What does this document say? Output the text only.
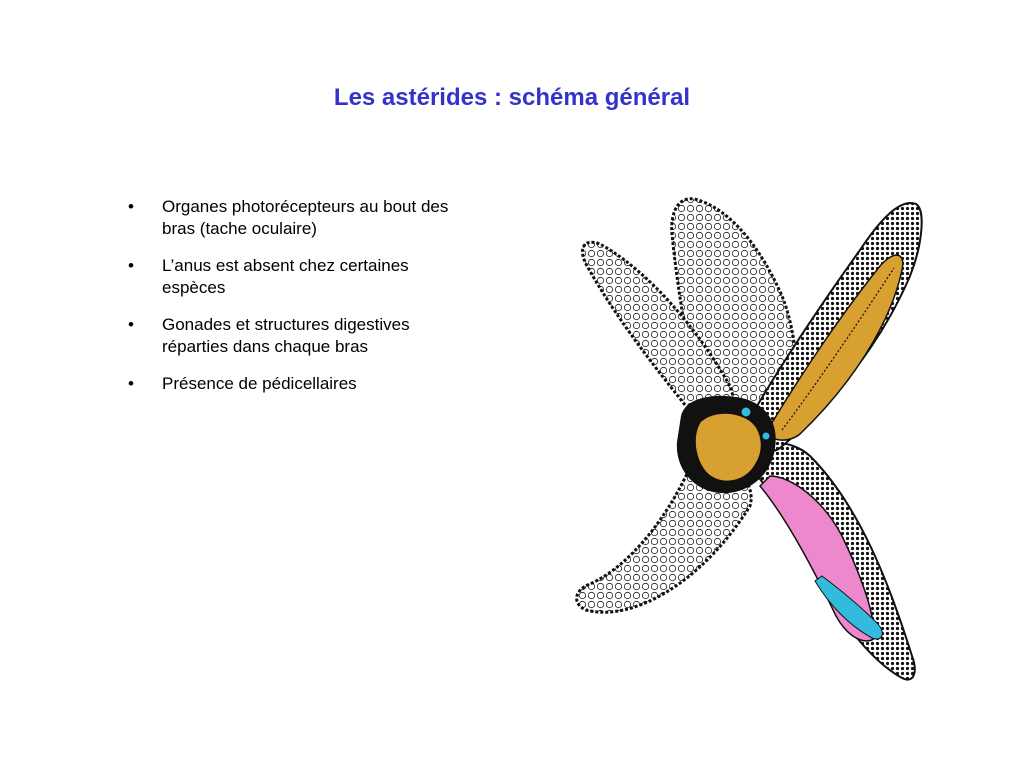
Les astérides : schéma général
• Organes photorécepteurs au bout des bras (tache oculaire)
• L’anus est absent chez certaines espèces
• Gonades et structures digestives réparties dans chaque bras
• Présence de pédicellaires
